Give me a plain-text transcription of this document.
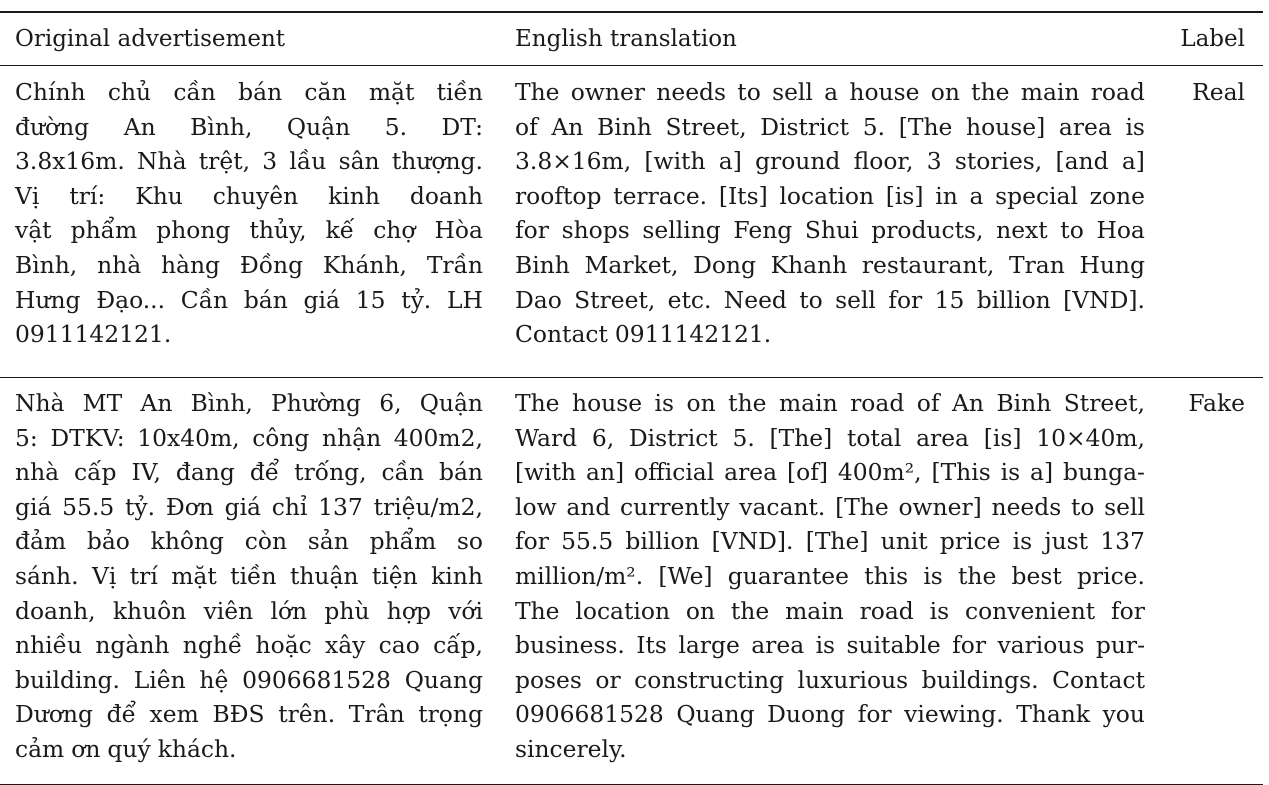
Original advertisement	English translation	Label
Chính chủ cần bán căn mặt tiền
đường An Bình, Quận 5. DT:
3.8x16m. Nhà trệt, 3 lầu sân thượng.
Vị trí: Khu chuyên kinh doanh
vật phẩm phong thủy, kế chợ Hòa
Bình, nhà hàng Đồng Khánh, Trần
Hưng Đạo... Cần bán giá 15 tỷ. LH
0911142121.
The owner needs to sell a house on the main road
of An Binh Street, District 5. [The house] area is
3.8×16m, [with a] ground floor, 3 stories, [and a]
rooftop terrace. [Its] location [is] in a special zone
for shops selling Feng Shui products, next to Hoa
Binh Market, Dong Khanh restaurant, Tran Hung
Dao Street, etc. Need to sell for 15 billion [VND].
Contact 0911142121.
Real
Nhà MT An Bình, Phường 6, Quận
5: DTKV: 10x40m, công nhận 400m2,
nhà cấp IV, đang để trống, cần bán
giá 55.5 tỷ. Đơn giá chỉ 137 triệu/m2,
đảm bảo không còn sản phẩm so
sánh. Vị trí mặt tiền thuận tiện kinh
doanh, khuôn viên lớn phù hợp với
nhiều ngành nghề hoặc xây cao cấp,
building. Liên hệ 0906681528 Quang
Dương để xem BĐS trên. Trân trọng
cảm ơn quý khách.
The house is on the main road of An Binh Street,
Ward 6, District 5. [The] total area [is] 10×40m,
[with an] official area [of] 400m², [This is a] bunga-
low and currently vacant. [The owner] needs to sell
for 55.5 billion [VND]. [The] unit price is just 137
million/m². [We] guarantee this is the best price.
The location on the main road is convenient for
business. Its large area is suitable for various pur-
poses or constructing luxurious buildings. Contact
0906681528 Quang Duong for viewing. Thank you
sincerely.
Fake
